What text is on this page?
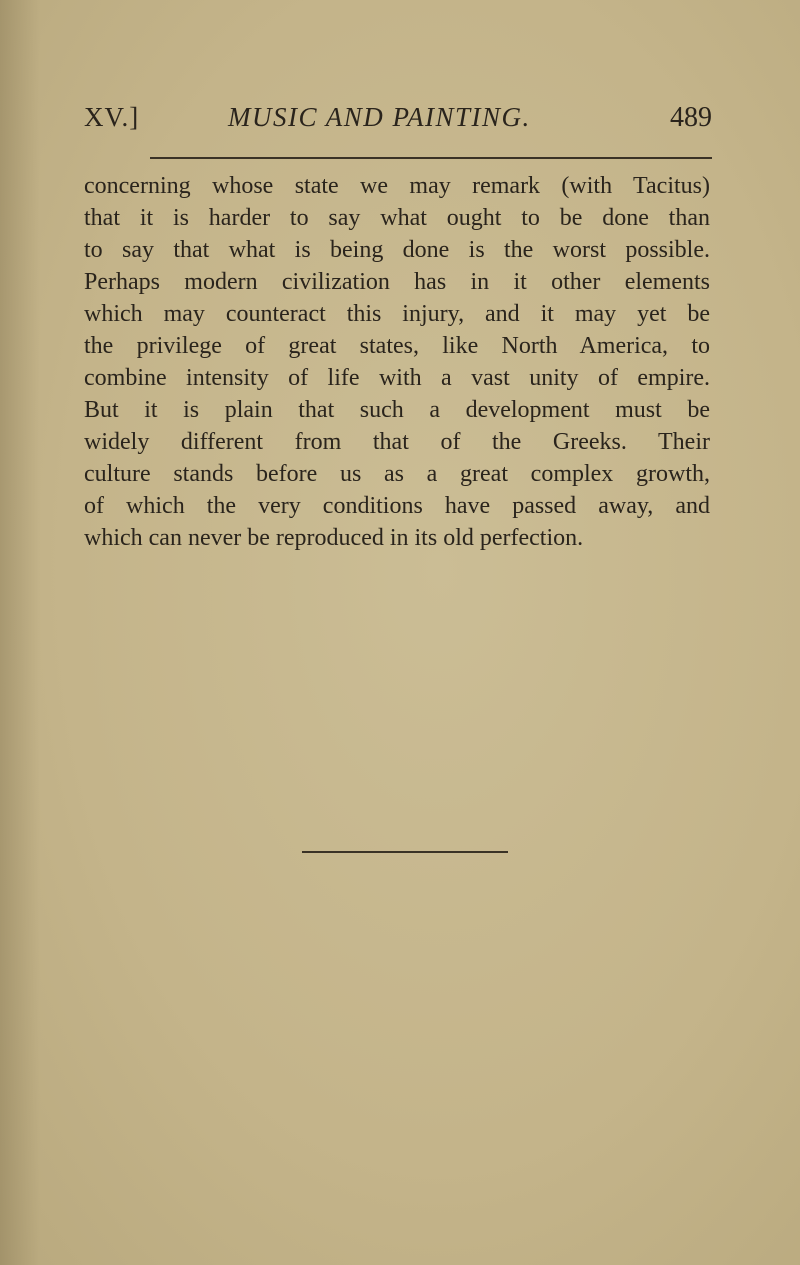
XV.]	MUSIC AND PAINTING.	489
concerning whose state we may remark (with Tacitus)
that it is harder to say what ought to be done than
to say that what is being done is the worst possible.
Perhaps modern civilization has in it other elements
which may counteract this injury, and it may yet be
the privilege of great states, like North America, to
combine intensity of life with a vast unity of empire.
But it is plain that such a development must be
widely different from that of the Greeks. Their
culture stands before us as a great complex growth,
of which the very conditions have passed away, and
which can never be reproduced in its old perfection.
